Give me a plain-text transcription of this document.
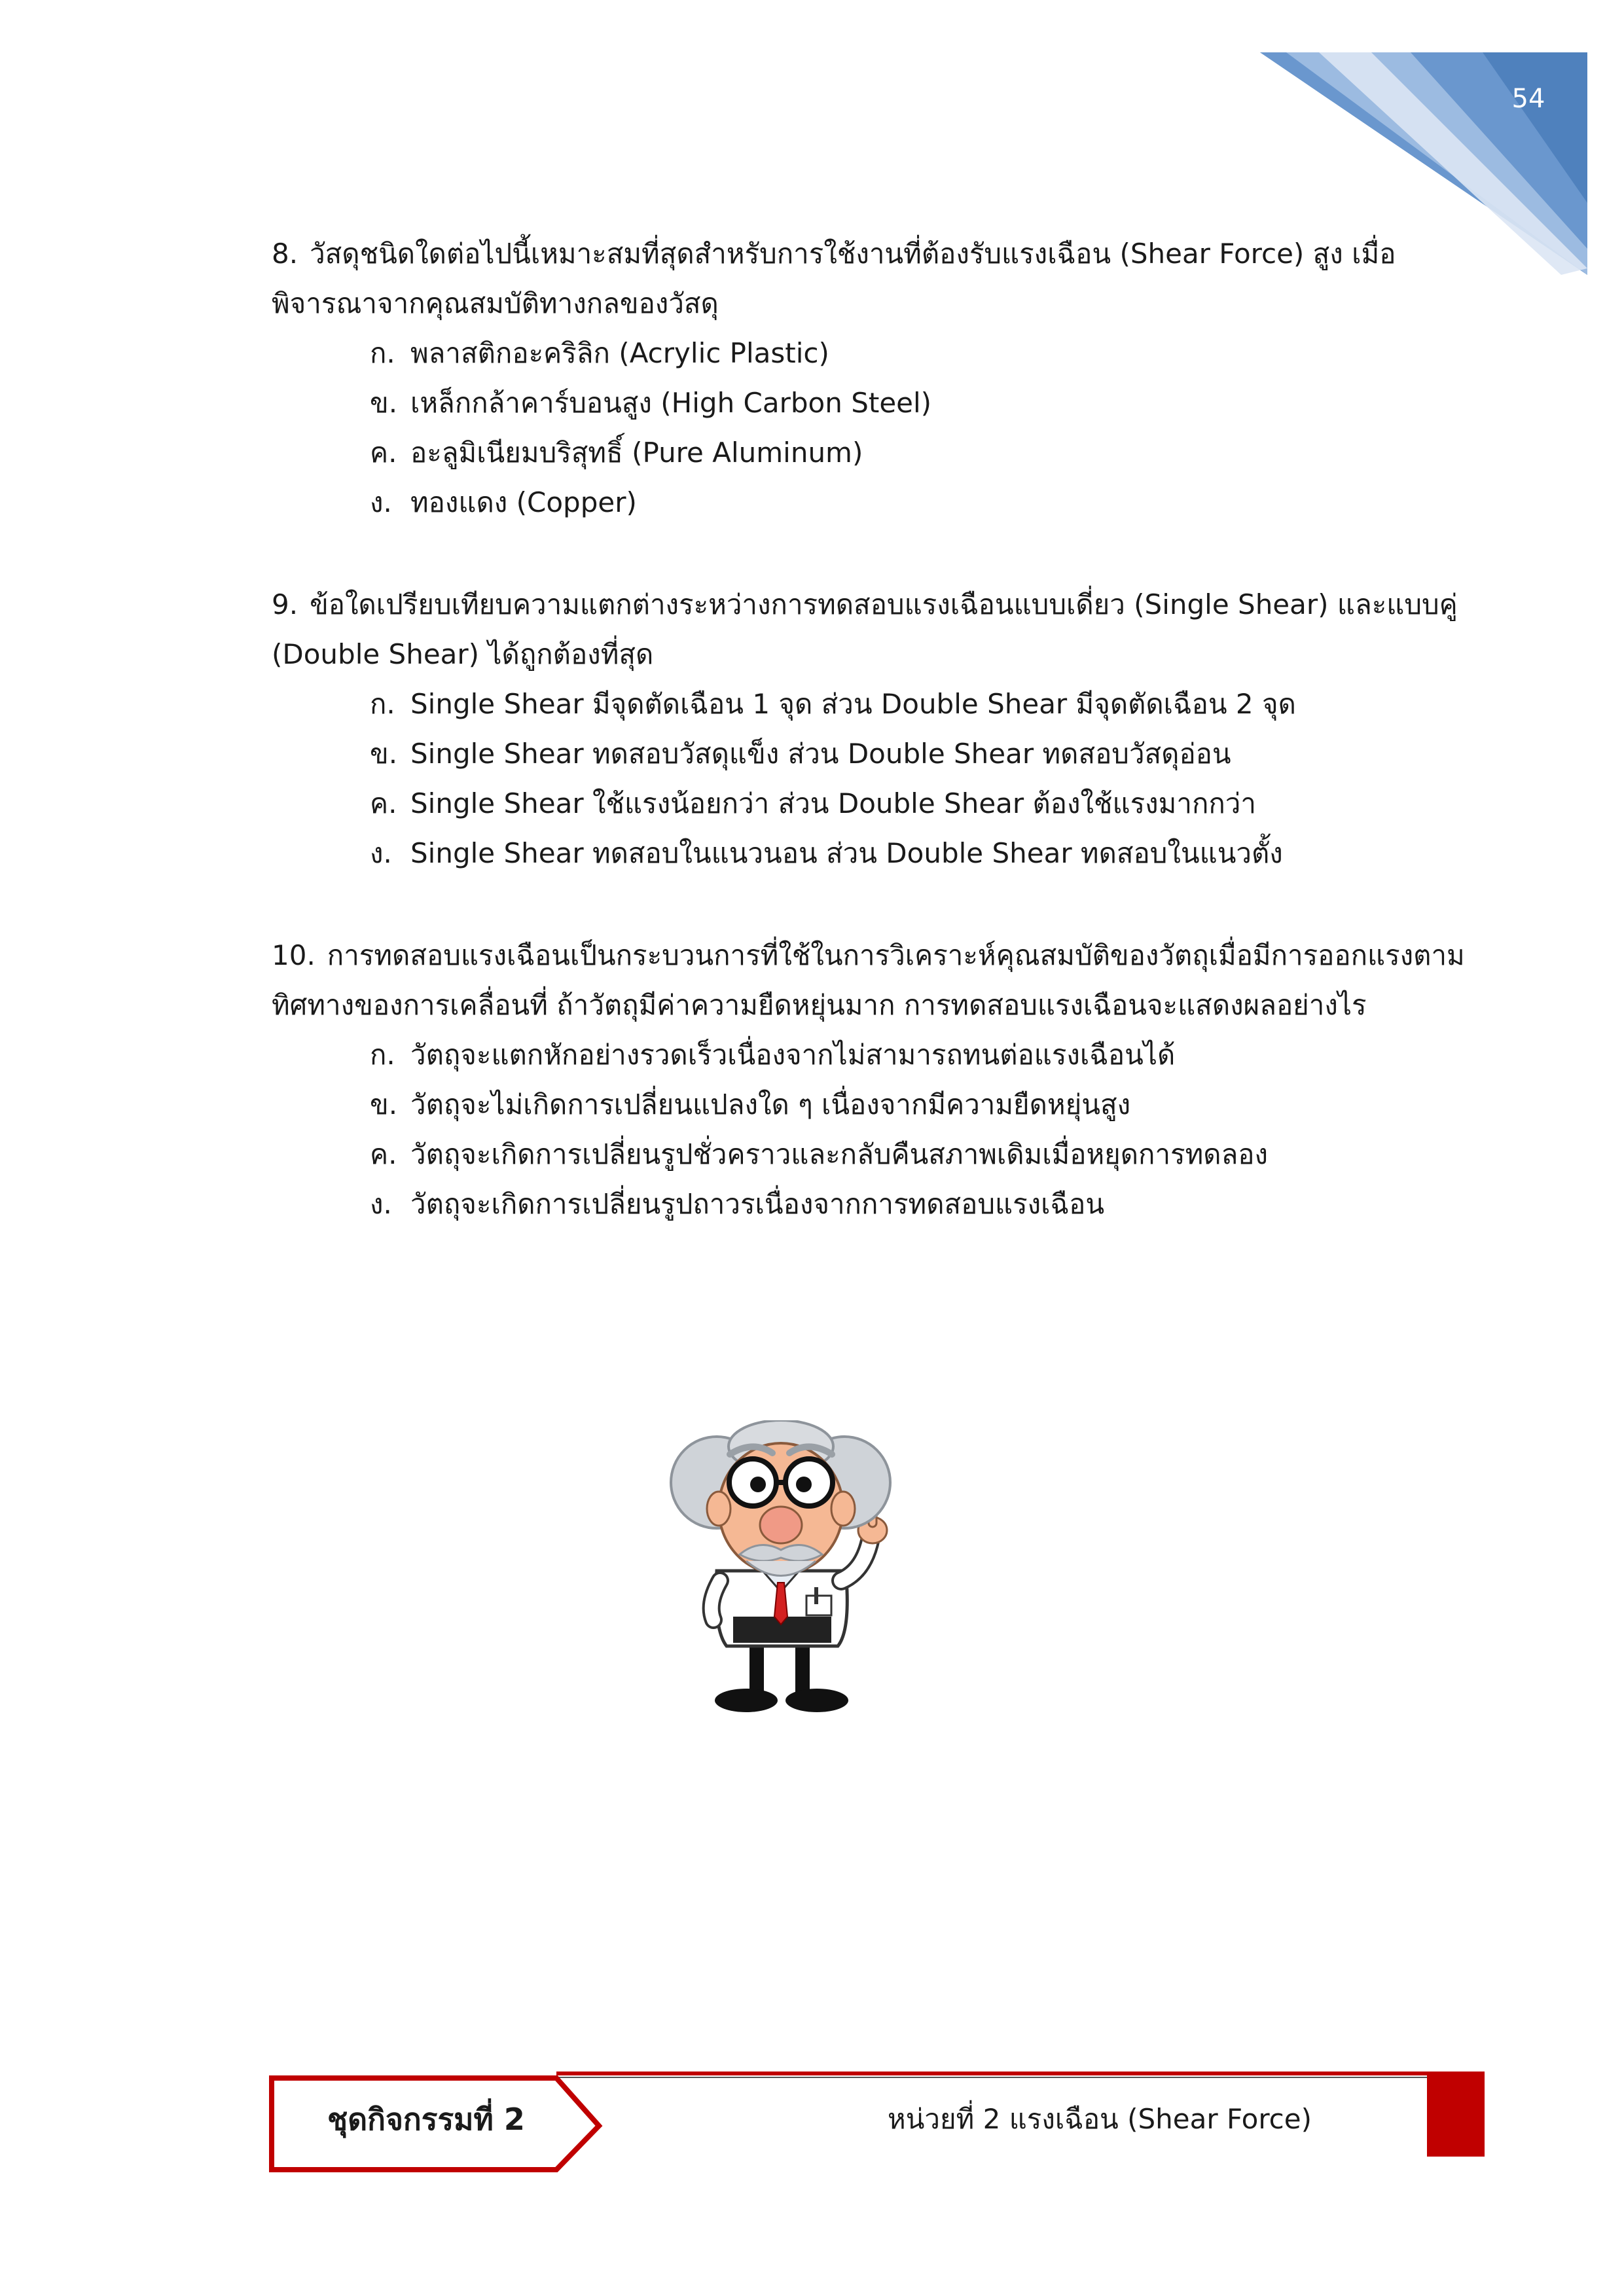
54

8. วัสดุชนิดใดต่อไปนี้เหมาะสมที่สุดสำหรับการใช้งานที่ต้องรับแรงเฉือน (Shear Force) สูง เมื่อพิจารณาจากคุณสมบัติทางกลของวัสดุ

ก. พลาสติกอะคริลิก (Acrylic Plastic)
ข. เหล็กกล้าคาร์บอนสูง (High Carbon Steel)
ค. อะลูมิเนียมบริสุทธิ์ (Pure Aluminum)
ง. ทองแดง (Copper)

9. ข้อใดเปรียบเทียบความแตกต่างระหว่างการทดสอบแรงเฉือนแบบเดี่ยว (Single Shear) และแบบคู่ (Double Shear) ได้ถูกต้องที่สุด

ก. Single Shear มีจุดตัดเฉือน 1 จุด ส่วน Double Shear มีจุดตัดเฉือน 2 จุด
ข. Single Shear ทดสอบวัสดุแข็ง ส่วน Double Shear ทดสอบวัสดุอ่อน
ค. Single Shear ใช้แรงน้อยกว่า ส่วน Double Shear ต้องใช้แรงมากกว่า
ง. Single Shear ทดสอบในแนวนอน ส่วน Double Shear ทดสอบในแนวตั้ง

10. การทดสอบแรงเฉือนเป็นกระบวนการที่ใช้ในการวิเคราะห์คุณสมบัติของวัตถุเมื่อมีการออกแรงตามทิศทางของการเคลื่อนที่ ถ้าวัตถุมีค่าความยืดหยุ่นมาก การทดสอบแรงเฉือนจะแสดงผลอย่างไร

ก. วัตถุจะแตกหักอย่างรวดเร็วเนื่องจากไม่สามารถทนต่อแรงเฉือนได้
ข. วัตถุจะไม่เกิดการเปลี่ยนแปลงใด ๆ เนื่องจากมีความยืดหยุ่นสูง
ค. วัตถุจะเกิดการเปลี่ยนรูปชั่วคราวและกลับคืนสภาพเดิมเมื่อหยุดการทดลอง
ง. วัตถุจะเกิดการเปลี่ยนรูปถาวรเนื่องจากการทดสอบแรงเฉือน
ชุดกิจกรรมที่ 2	หน่วยที่ 2 แรงเฉือน (Shear Force)
